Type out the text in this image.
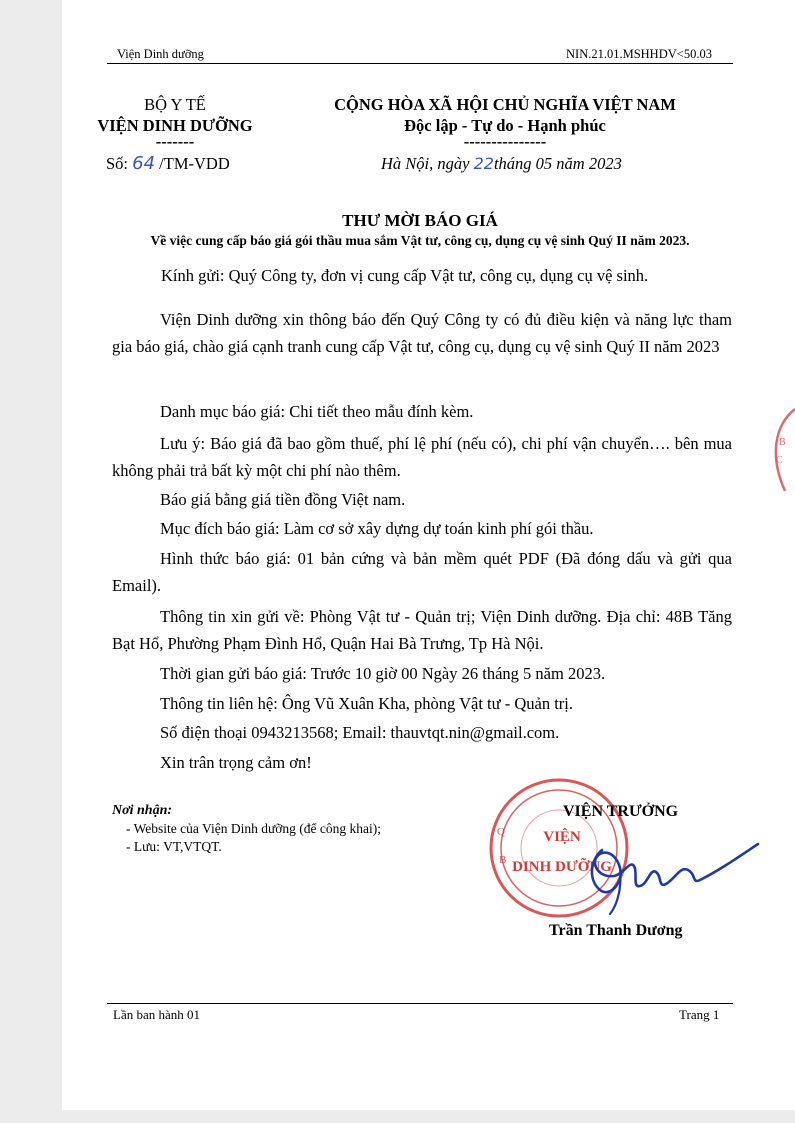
Viện Dinh dưỡng	NIN.21.01.MSHHDV<50.03
BỘ Y TẾ
VIỆN DINH DƯỠNG
-------
Số: 64 /TM-VDD
CỘNG HÒA XÃ HỘI CHỦ NGHĨA VIỆT NAM
Độc lập - Tự do - Hạnh phúc
---------------
Hà Nội, ngày 22tháng 05 năm 2023
THƯ MỜI BÁO GIÁ
Về việc cung cấp báo giá gói thầu mua sắm Vật tư, công cụ, dụng cụ vệ sinh Quý II năm 2023.
Kính gửi: Quý Công ty, đơn vị cung cấp Vật tư, công cụ, dụng cụ vệ sinh.
Viện Dinh dưỡng xin thông báo đến Quý Công ty có đủ điều kiện và năng lực tham gia báo giá, chào giá cạnh tranh cung cấp Vật tư, công cụ, dụng cụ vệ sinh Quý II năm 2023
Danh mục báo giá: Chi tiết theo mẫu đính kèm.
Lưu ý: Báo giá đã bao gồm thuế, phí lệ phí (nếu có), chi phí vận chuyển…. bên mua không phải trả bất kỳ một chi phí nào thêm.
Báo giá bằng giá tiền đồng Việt nam.
Mục đích báo giá: Làm cơ sở xây dựng dự toán kinh phí gói thầu.
Hình thức báo giá: 01 bản cứng và bản mềm quét PDF (Đã đóng dấu và gửi qua Email).
Thông tin xin gửi về: Phòng Vật tư - Quản trị; Viện Dinh dưỡng. Địa chỉ: 48B Tăng Bạt Hổ, Phường Phạm Đình Hổ, Quận Hai Bà Trưng, Tp Hà Nội.
Thời gian gửi báo giá: Trước 10 giờ 00 Ngày 26 tháng 5 năm 2023.
Thông tin liên hệ: Ông Vũ Xuân Kha, phòng Vật tư - Quản trị.
Số điện thoại 0943213568; Email: thauvtqt.nin@gmail.com.
Xin trân trọng cảm ơn!
Nơi nhận:
- Website của Viện Dinh dưỡng (để công khai);
- Lưu: VT,VTQT.
Q
B
VIỆN
DINH DƯỠNG
VIỆN TRƯỞNG
Trần Thanh Dương
Lần ban hành 01	Trang 1
B
C
